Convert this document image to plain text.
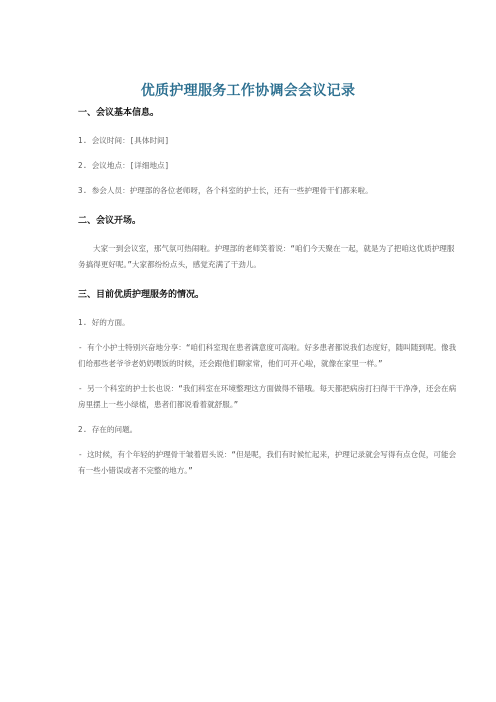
优质护理服务工作协调会会议记录

一、会议基本信息。

1. 会议时间：[具体时间]

2. 会议地点：[详细地点]

3. 参会人员：护理部的各位老师呀，各个科室的护士长，还有一些护理骨干们都来啦。

二、会议开场。

大家一到会议室，那气氛可热闹啦。护理部的老师笑着说：“咱们今天聚在一起，就是为了把咱这优质护理服务搞得更好呢。”大家都纷纷点头，感觉充满了干劲儿。

三、目前优质护理服务的情况。

1. 好的方面。

- 有个小护士特别兴奋地分享：“咱们科室现在患者满意度可高啦。好多患者都说我们态度好，随叫随到呢。像我们给那些老爷爷老奶奶喂饭的时候，还会跟他们聊家常，他们可开心啦，就像在家里一样。”

- 另一个科室的护士长也说：“我们科室在环境整理这方面做得不错哦。每天都把病房打扫得干干净净，还会在病房里摆上一些小绿植，患者们都说看着就舒服。”

2. 存在的问题。

- 这时候，有个年轻的护理骨干皱着眉头说：“但是呢，我们有时候忙起来，护理记录就会写得有点仓促，可能会有一些小错误或者不完整的地方。”
